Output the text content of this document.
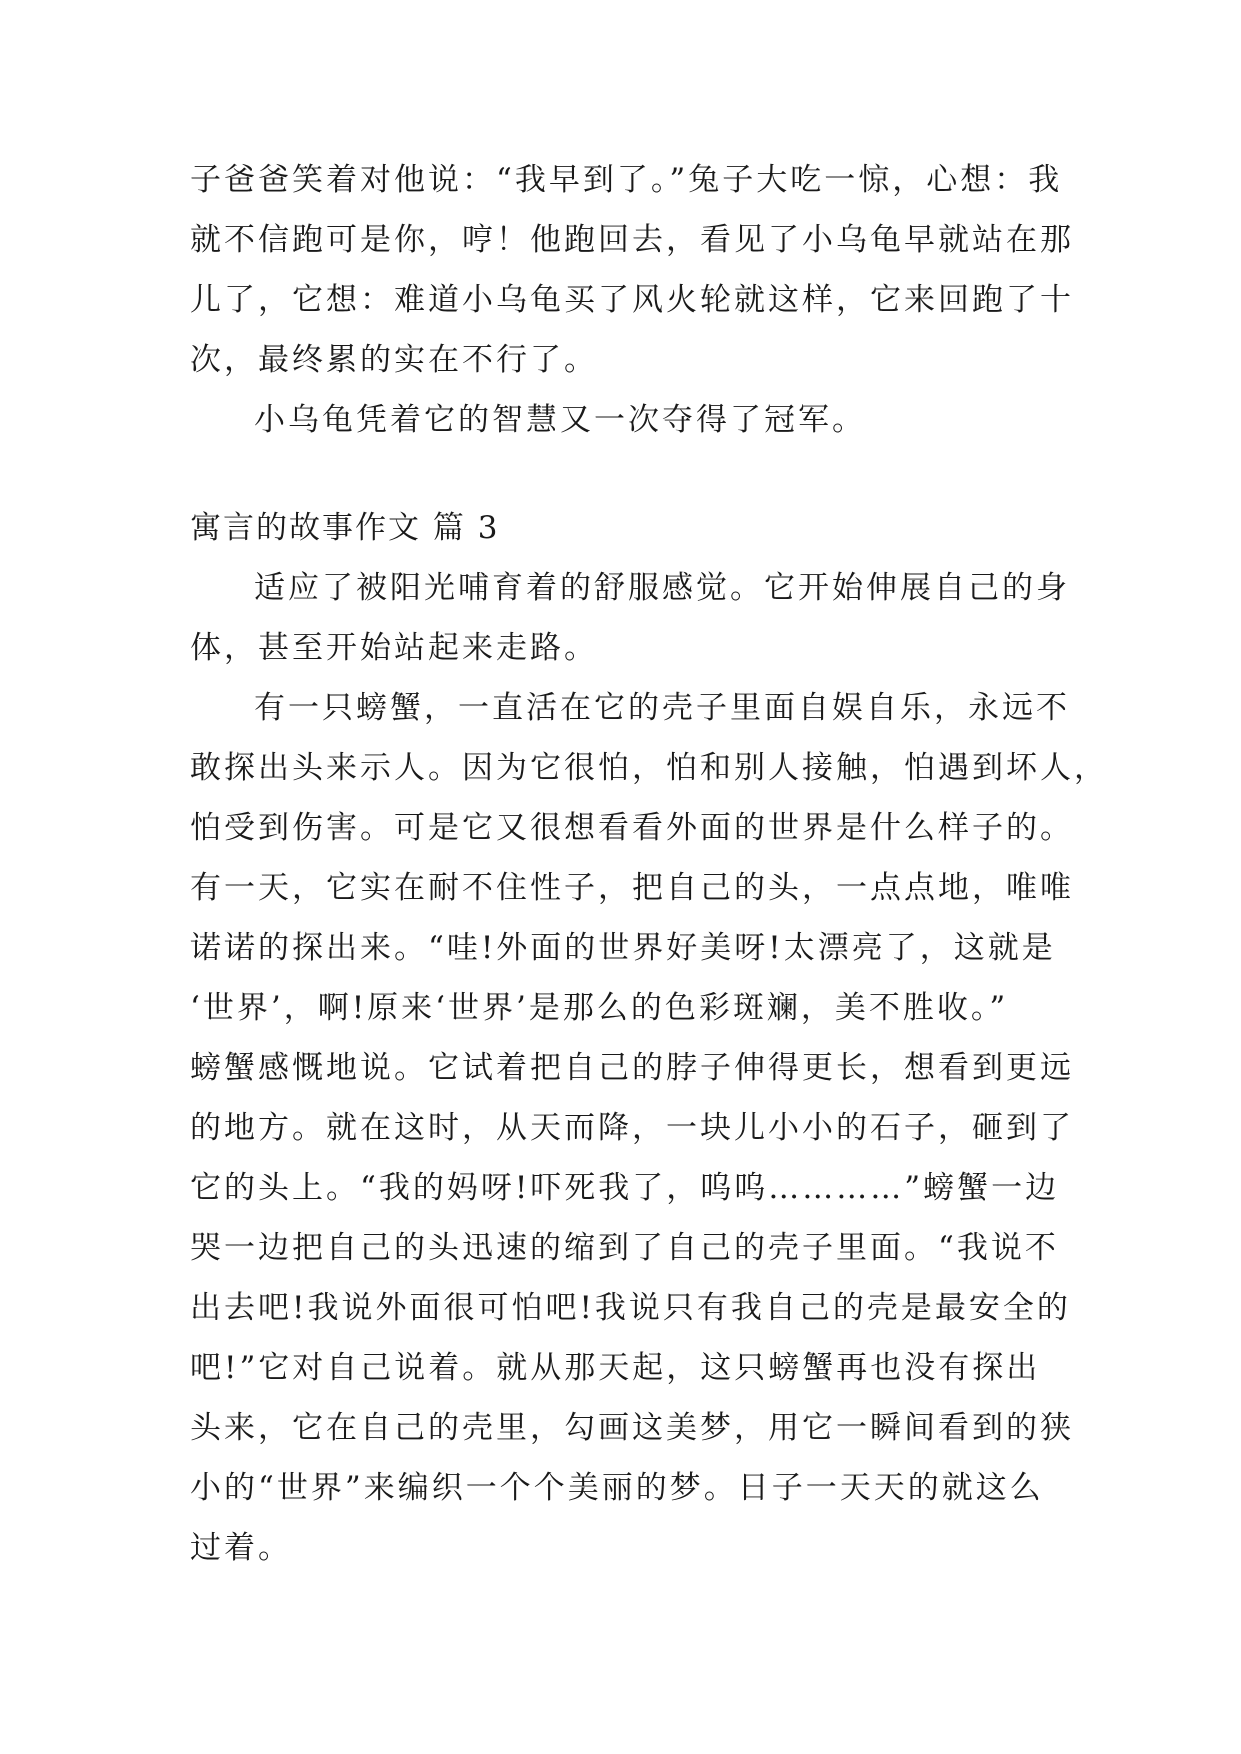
子爸爸笑着对他说：“我早到了。”兔子大吃一惊，心想：我
就不信跑可是你，哼！他跑回去，看见了小乌龟早就站在那
儿了，它想：难道小乌龟买了风火轮就这样，它来回跑了十
次，最终累的实在不行了。
小乌龟凭着它的智慧又一次夺得了冠军。
寓言的故事作文 篇 3
适应了被阳光哺育着的舒服感觉。它开始伸展自己的身
体，甚至开始站起来走路。
有一只螃蟹，一直活在它的壳子里面自娱自乐，永远不
敢探出头来示人。因为它很怕，怕和别人接触，怕遇到坏人，
怕受到伤害。可是它又很想看看外面的世界是什么样子的。
有一天，它实在耐不住性子，把自己的头，一点点地，唯唯
诺诺的探出来。“哇!外面的世界好美呀!太漂亮了，这就是
‘世界’，啊!原来‘世界’是那么的色彩斑斓，美不胜收。”
螃蟹感慨地说。它试着把自己的脖子伸得更长，想看到更远
的地方。就在这时，从天而降，一块儿小小的石子，砸到了
它的头上。“我的妈呀!吓死我了，呜呜…………”螃蟹一边
哭一边把自己的头迅速的缩到了自己的壳子里面。“我说不
出去吧!我说外面很可怕吧!我说只有我自己的壳是最安全的
吧!”它对自己说着。就从那天起，这只螃蟹再也没有探出
头来，它在自己的壳里，勾画这美梦，用它一瞬间看到的狭
小的“世界”来编织一个个美丽的梦。日子一天天的就这么
过着。
